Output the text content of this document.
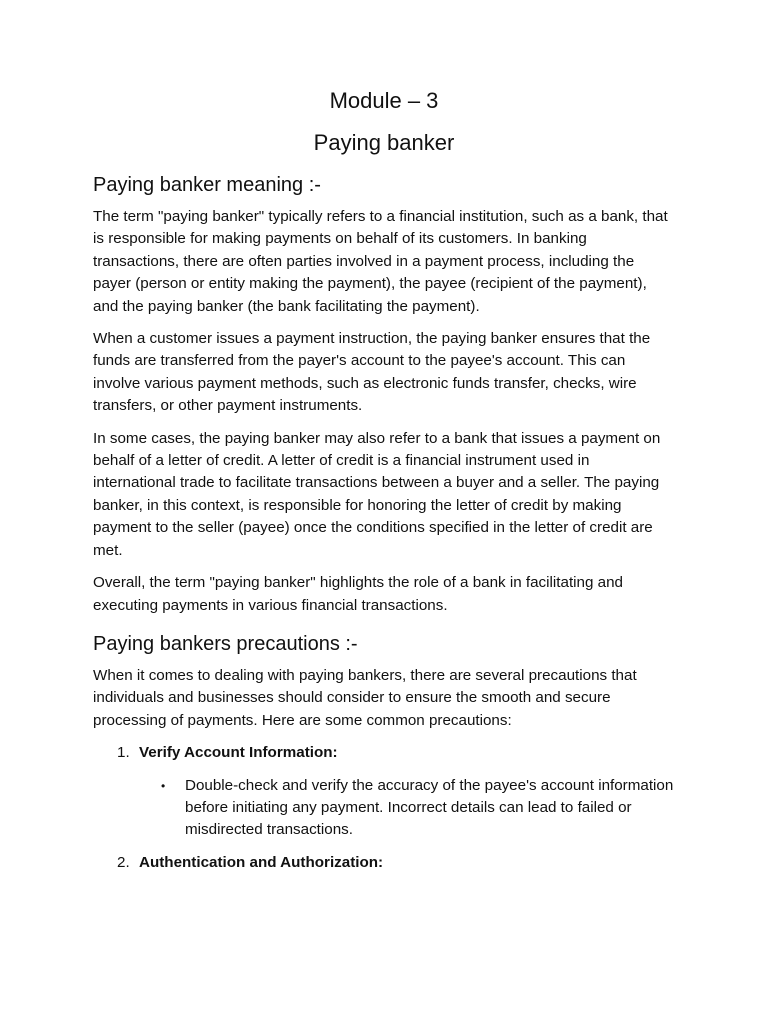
Module – 3
Paying banker
Paying banker meaning :-

The term "paying banker" typically refers to a financial institution, such as a bank, that is responsible for making payments on behalf of its customers. In banking transactions, there are often parties involved in a payment process, including the payer (person or entity making the payment), the payee (recipient of the payment), and the paying banker (the bank facilitating the payment).

When a customer issues a payment instruction, the paying banker ensures that the funds are transferred from the payer's account to the payee's account. This can involve various payment methods, such as electronic funds transfer, checks, wire transfers, or other payment instruments.

In some cases, the paying banker may also refer to a bank that issues a payment on behalf of a letter of credit. A letter of credit is a financial instrument used in international trade to facilitate transactions between a buyer and a seller. The paying banker, in this context, is responsible for honoring the letter of credit by making payment to the seller (payee) once the conditions specified in the letter of credit are met.

Overall, the term "paying banker" highlights the role of a bank in facilitating and executing payments in various financial transactions.

Paying bankers precautions :-

When it comes to dealing with paying bankers, there are several precautions that individuals and businesses should consider to ensure the smooth and secure processing of payments. Here are some common precautions:

1. Verify Account Information:
• Double-check and verify the accuracy of the payee's account information before initiating any payment. Incorrect details can lead to failed or misdirected transactions.
2. Authentication and Authorization:
